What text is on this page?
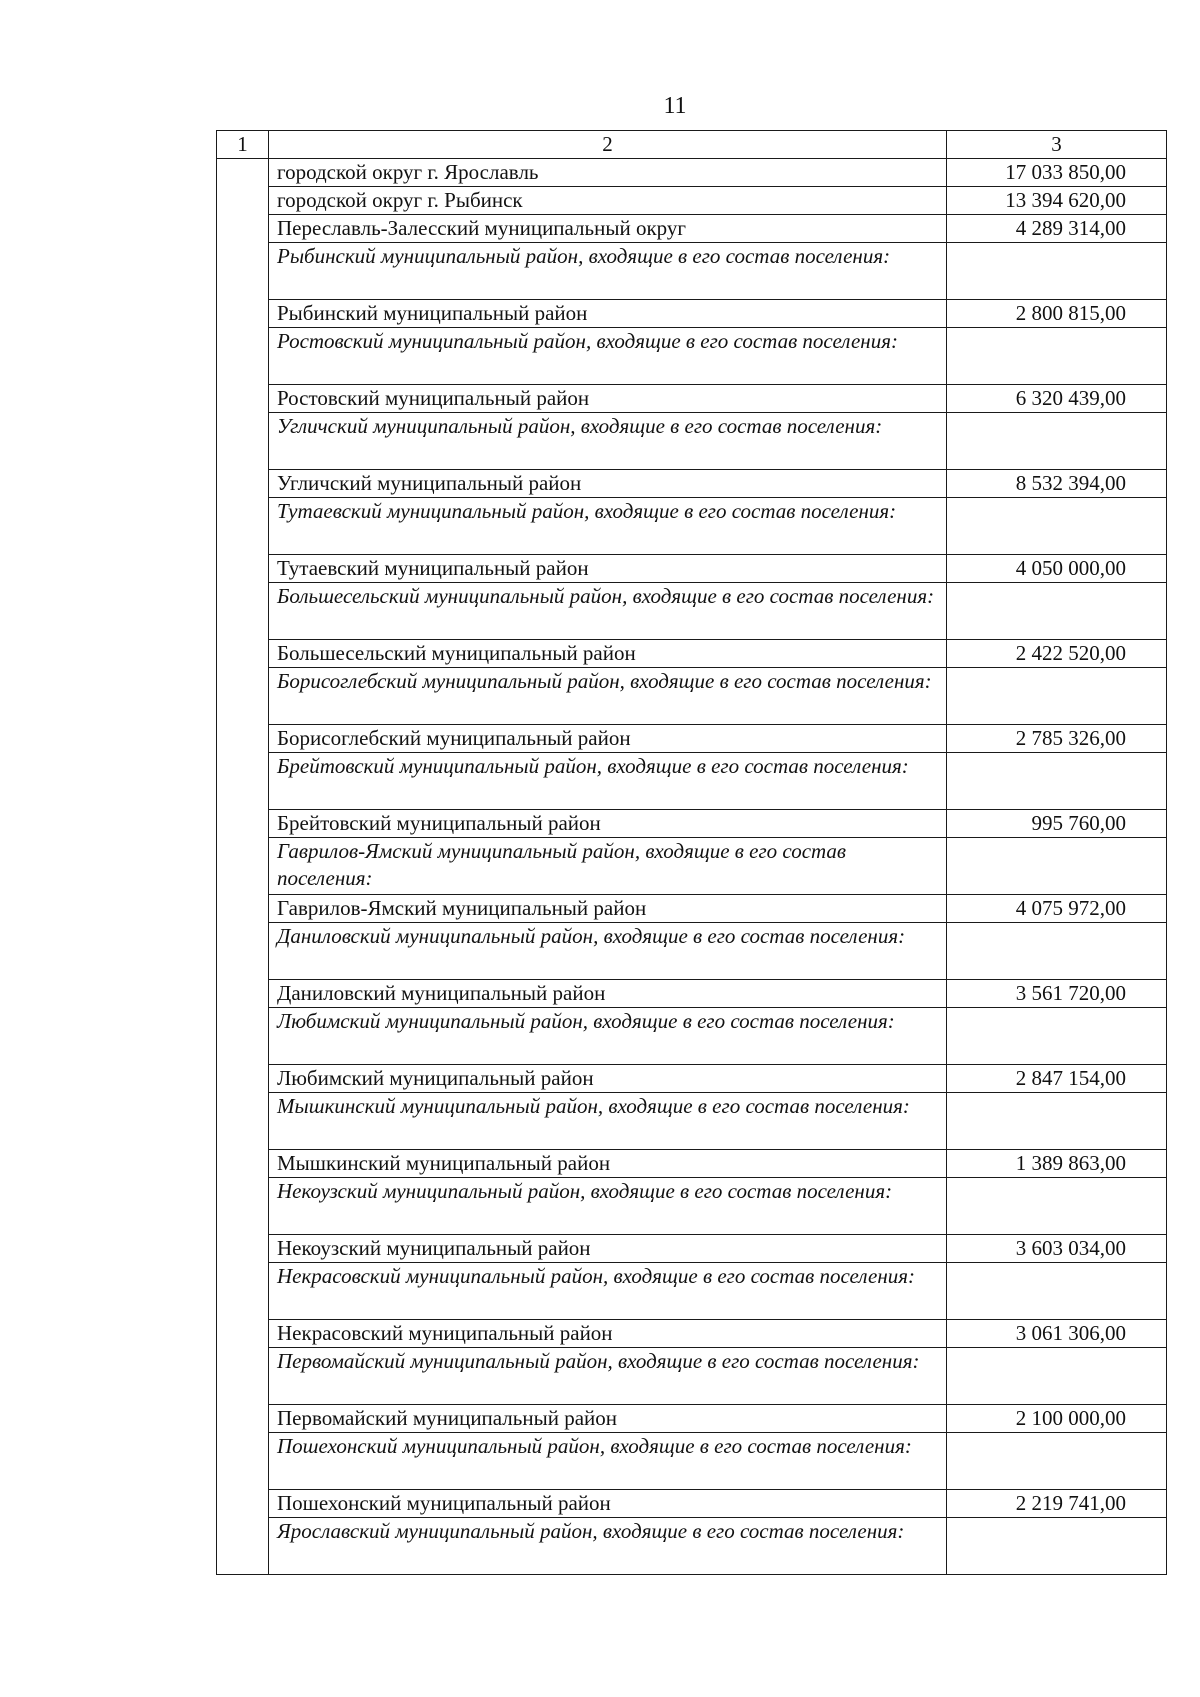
11
1	2	3
	городской округ г. Ярославль	17 033 850,00
	городской округ г. Рыбинск	13 394 620,00
	Переславль-Залесский муниципальный округ	4 289 314,00
	Рыбинский муниципальный район, входящие в его состав поселения:	
	Рыбинский муниципальный район	2 800 815,00
	Ростовский муниципальный район, входящие в его состав поселения:	
	Ростовский муниципальный район	6 320 439,00
	Угличский муниципальный район, входящие в его состав поселения:	
	Угличский муниципальный район	8 532 394,00
	Тутаевский муниципальный район, входящие в его состав поселения:	
	Тутаевский муниципальный район	4 050 000,00
	Большесельский муниципальный район, входящие в его состав поселения:	
	Большесельский муниципальный район	2 422 520,00
	Борисоглебский муниципальный район, входящие в его состав поселения:	
	Борисоглебский муниципальный район	2 785 326,00
	Брейтовский муниципальный район, входящие в его состав поселения:	
	Брейтовский муниципальный район	995 760,00
	Гаврилов-Ямский муниципальный район, входящие в его состав поселения:	
	Гаврилов-Ямский муниципальный район	4 075 972,00
	Даниловский муниципальный район, входящие в его состав поселения:	
	Даниловский муниципальный район	3 561 720,00
	Любимский муниципальный район, входящие в его состав поселения:	
	Любимский муниципальный район	2 847 154,00
	Мышкинский муниципальный район, входящие в его состав поселения:	
	Мышкинский муниципальный район	1 389 863,00
	Некоузский муниципальный район, входящие в его состав поселения:	
	Некоузский муниципальный район	3 603 034,00
	Некрасовский муниципальный район, входящие в его состав поселения:	
	Некрасовский муниципальный район	3 061 306,00
	Первомайский муниципальный район, входящие в его состав поселения:	
	Первомайский муниципальный район	2 100 000,00
	Пошехонский муниципальный район, входящие в его состав поселения:	
	Пошехонский муниципальный район	2 219 741,00
	Ярославский муниципальный район, входящие в его состав поселения:	
